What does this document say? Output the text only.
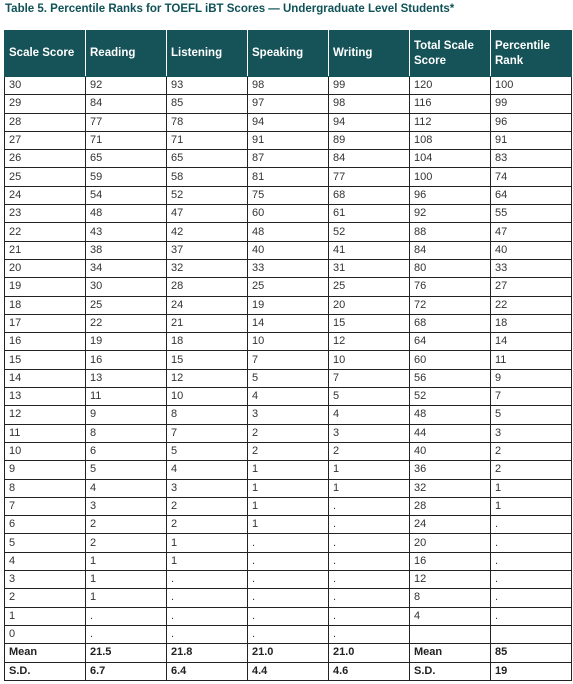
Table 5. Percentile Ranks for TOEFL iBT Scores — Undergraduate Level Students*
Scale Score	Reading	Listening	Speaking	Writing	Total Scale Score	Percentile Rank
30	92	93	98	99	120	100
29	84	85	97	98	116	99
28	77	78	94	94	112	96
27	71	71	91	89	108	91
26	65	65	87	84	104	83
25	59	58	81	77	100	74
24	54	52	75	68	96	64
23	48	47	60	61	92	55
22	43	42	48	52	88	47
21	38	37	40	41	84	40
20	34	32	33	31	80	33
19	30	28	25	25	76	27
18	25	24	19	20	72	22
17	22	21	14	15	68	18
16	19	18	10	12	64	14
15	16	15	7	10	60	11
14	13	12	5	7	56	9
13	11	10	4	5	52	7
12	9	8	3	4	48	5
11	8	7	2	3	44	3
10	6	5	2	2	40	2
9	5	4	1	1	36	2
8	4	3	1	1	32	1
7	3	2	1	.	28	1
6	2	2	1	.	24	.
5	2	1	.	.	20	.
4	1	1	.	.	16	.
3	1	.	.	.	12	.
2	1	.	.	.	8	.
1	.	.	.	.	4	.
0	.	.	.	.		
Mean	21.5	21.8	21.0	21.0	Mean	85
S.D.	6.7	6.4	4.4	4.6	S.D.	19
